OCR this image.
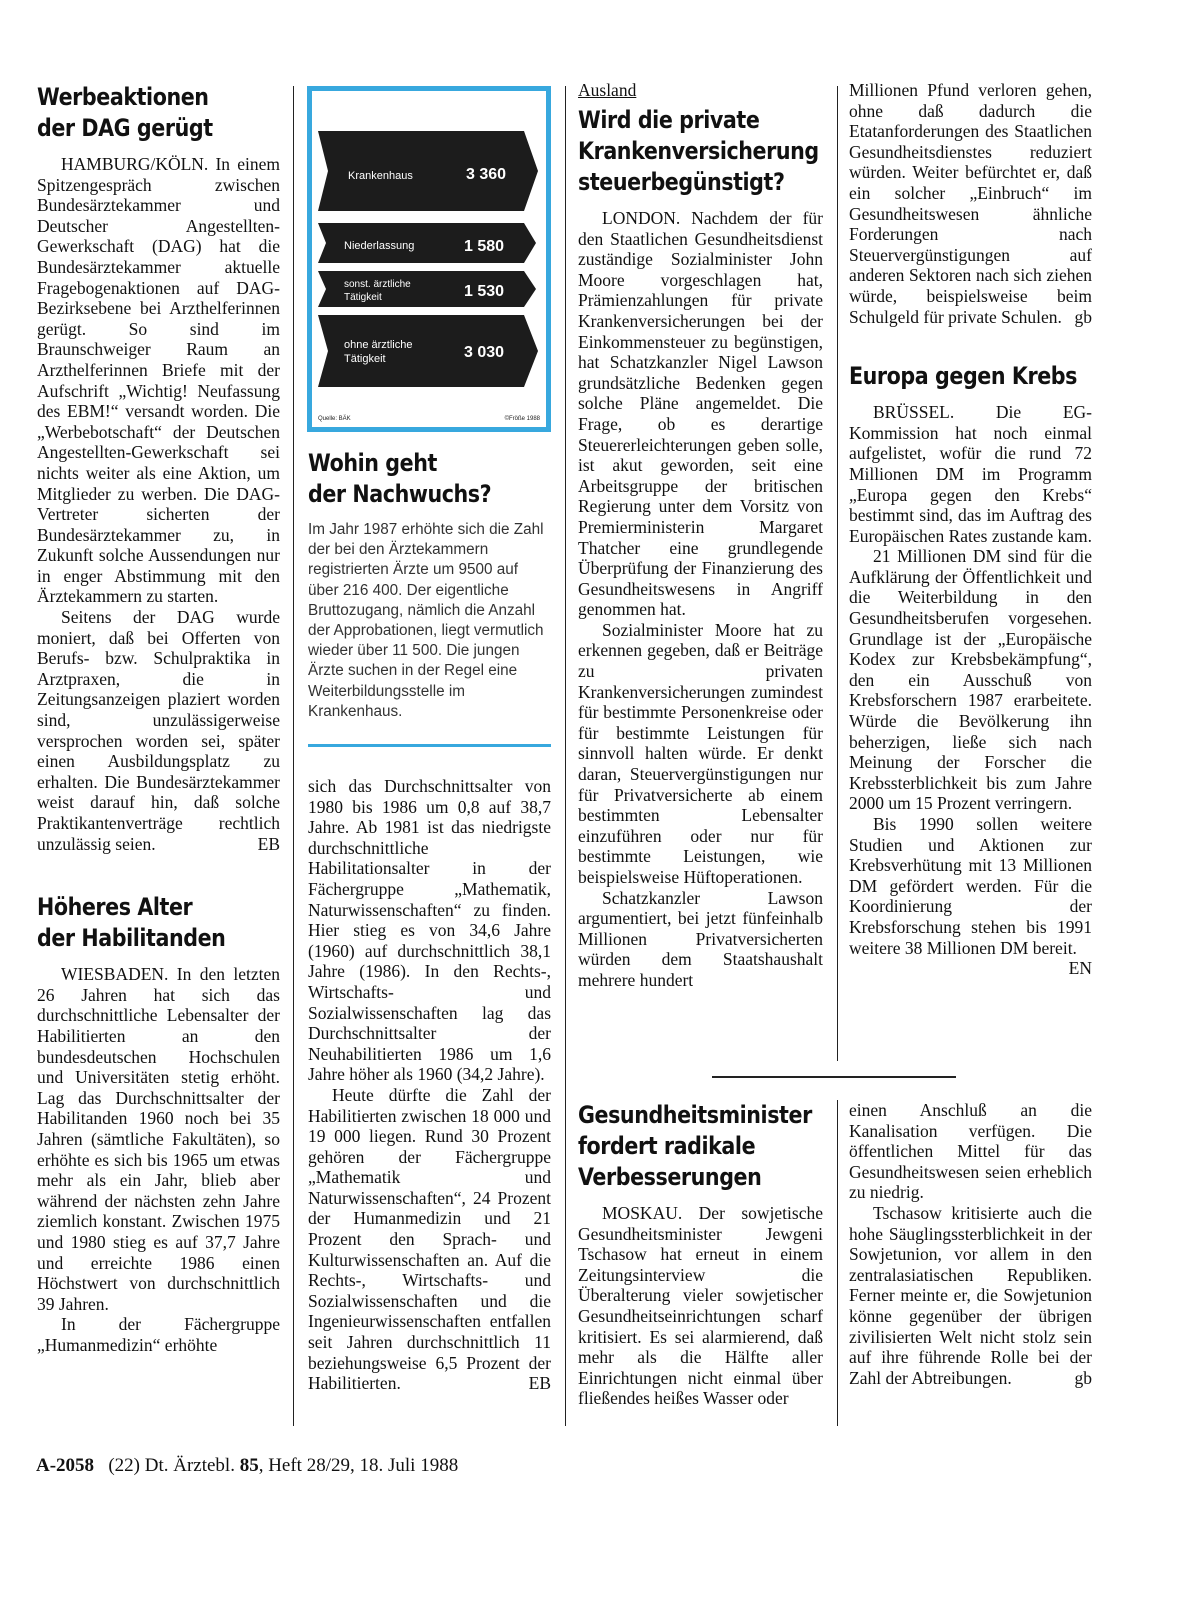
Werbeaktionen
der DAG gerügt

HAMBURG/KÖLN. In einem Spitzengespräch zwischen Bundesärztekammer und Deutscher Angestellten-Gewerkschaft (DAG) hat die Bundesärztekammer aktuelle Fragebogenaktionen auf DAG-Bezirksebene bei Arzthelferinnen gerügt. So sind im Braunschweiger Raum an Arzthelferinnen Briefe mit der Aufschrift „Wichtig! Neufassung des EBM!“ versandt worden. Die „Werbebotschaft“ der Deutschen Angestellten-Gewerkschaft sei nichts weiter als eine Aktion, um Mitglieder zu werben. Die DAG-Vertreter sicherten der Bundesärztekammer zu, in Zukunft solche Aussendungen nur in enger Abstimmung mit den Ärztekammern zu starten.

Seitens der DAG wurde moniert, daß bei Offerten von Berufs- bzw. Schulpraktika in Arztpraxen, die in Zeitungsanzeigen plaziert worden sind, unzulässigerweise versprochen worden sei, später einen Ausbildungsplatz zu erhalten. Die Bundesärztekammer weist darauf hin, daß solche Praktikantenverträge rechtlich unzulässig seien.	EB

Höheres Alter
der Habilitanden

WIESBADEN. In den letzten 26 Jahren hat sich das durchschnittliche Lebensalter der Habilitierten an den bundesdeutschen Hochschulen und Universitäten stetig erhöht. Lag das Durchschnittsalter der Habilitanden 1960 noch bei 35 Jahren (sämtliche Fakultäten), so erhöhte es sich bis 1965 um etwas mehr als ein Jahr, blieb aber während der nächsten zehn Jahre ziemlich konstant. Zwischen 1975 und 1980 stieg es auf 37,7 Jahre und erreichte 1986 einen Höchstwert von durchschnittlich 39 Jahren.

In der Fächergruppe „Humanmedizin“ erhöhte

Krankenhaus	3 360
Niederlassung	1 580
sonst. ärztliche
Tätigkeit	1 530
ohne ärztliche
Tätigkeit	3 030
Quelle: BÄK	©Fröße 1988
Wohin geht
der Nachwuchs?

Im Jahr 1987 erhöhte sich die Zahl der bei den Ärztekammern registrierten Ärzte um 9500 auf über 216 400. Der eigentliche Bruttozugang, nämlich die Anzahl der Approbationen, liegt vermutlich wieder über 11 500. Die jungen Ärzte suchen in der Regel eine Weiterbildungsstelle im Krankenhaus.

sich das Durchschnittsalter von 1980 bis 1986 um 0,8 auf 38,7 Jahre. Ab 1981 ist das niedrigste durchschnittliche Habilitationsalter in der Fächergruppe „Mathematik, Naturwissenschaften“ zu finden. Hier stieg es von 34,6 Jahre (1960) auf durchschnittlich 38,1 Jahre (1986). In den Rechts-, Wirtschafts- und Sozialwissenschaften lag das Durchschnittsalter der Neuhabilitierten 1986 um 1,6 Jahre höher als 1960 (34,2 Jahre).

Heute dürfte die Zahl der Habilitierten zwischen 18 000 und 19 000 liegen. Rund 30 Prozent gehören der Fächergruppe „Mathematik und Naturwissenschaften“, 24 Prozent der Humanmedizin und 21 Prozent den Sprach- und Kulturwissenschaften an. Auf die Rechts-, Wirtschafts- und Sozialwissenschaften und die Ingenieurwissenschaften entfallen seit Jahren durchschnittlich 11 beziehungsweise 6,5 Prozent der Habilitierten.	EB

Ausland

Wird die private
Krankenversicherung
steuerbegünstigt?

LONDON. Nachdem der für den Staatlichen Gesundheitsdienst zuständige Sozialminister John Moore vorgeschlagen hat, Prämienzahlungen für private Krankenversicherungen bei der Einkommensteuer zu begünstigen, hat Schatzkanzler Nigel Lawson grundsätzliche Bedenken gegen solche Pläne angemeldet. Die Frage, ob es derartige Steuererleichterungen geben solle, ist akut geworden, seit eine Arbeitsgruppe der britischen Regierung unter dem Vorsitz von Premierministerin Margaret Thatcher eine grundlegende Überprüfung der Finanzierung des Gesundheitswesens in Angriff genommen hat.

Sozialminister Moore hat zu erkennen gegeben, daß er Beiträge zu privaten Krankenversicherungen zumindest für bestimmte Personenkreise oder für bestimmte Leistungen für sinnvoll halten würde. Er denkt daran, Steuervergünstigungen nur für Privatversicherte ab einem bestimmten Lebensalter einzuführen oder nur für bestimmte Leistungen, wie beispielsweise Hüftoperationen.

Schatzkanzler Lawson argumentiert, bei jetzt fünfeinhalb Millionen Privatversicherten würden dem Staatshaushalt mehrere hundert

Gesundheitsminister
fordert radikale
Verbesserungen

MOSKAU. Der sowjetische Gesundheitsminister Jewgeni Tschasow hat erneut in einem Zeitungsinterview die Überalterung vieler sowjetischer Gesundheitseinrichtungen scharf kritisiert. Es sei alarmierend, daß mehr als die Hälfte aller Einrichtungen nicht einmal über fließendes heißes Wasser oder

Millionen Pfund verloren gehen, ohne daß dadurch die Etatanforderungen des Staatlichen Gesundheitsdienstes reduziert würden. Weiter befürchtet er, daß ein solcher „Einbruch“ im Gesundheitswesen ähnliche Forderungen nach Steuervergünstigungen auf anderen Sektoren nach sich ziehen würde, beispielsweise beim Schulgeld für private Schulen. gb

Europa gegen Krebs

BRÜSSEL. Die EG-Kommission hat noch einmal aufgelistet, wofür die rund 72 Millionen DM im Programm „Europa gegen den Krebs“ bestimmt sind, das im Auftrag des Europäischen Rates zustande kam.

21 Millionen DM sind für die Aufklärung der Öffentlichkeit und die Weiterbildung in den Gesundheitsberufen vorgesehen. Grundlage ist der „Europäische Kodex zur Krebsbekämpfung“, den ein Ausschuß von Krebsforschern 1987 erarbeitete. Würde die Bevölkerung ihn beherzigen, ließe sich nach Meinung der Forscher die Krebssterblichkeit bis zum Jahre 2000 um 15 Prozent verringern.

Bis 1990 sollen weitere Studien und Aktionen zur Krebsverhütung mit 13 Millionen DM gefördert werden. Für die Koordinierung der Krebsforschung stehen bis 1991 weitere 38 Millionen DM bereit.
EN

einen Anschluß an die Kanalisation verfügen. Die öffentlichen Mittel für das Gesundheitswesen seien erheblich zu niedrig.

Tschasow kritisierte auch die hohe Säuglingssterblichkeit in der Sowjetunion, vor allem in den zentralasiatischen Republiken. Ferner meinte er, die Sowjetunion könne gegenüber der übrigen zivilisierten Welt nicht stolz sein auf ihre führende Rolle bei der Zahl der Abtreibungen.	gb

A-2058 (22) Dt. Ärztebl. 85, Heft 28/29, 18. Juli 1988
